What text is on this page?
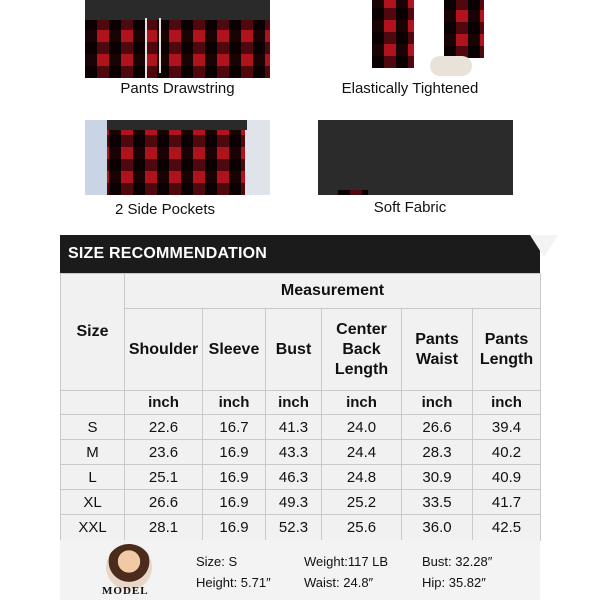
Pants Drawstring	Elastically Tightened
2 Side Pockets	Soft Fabric
SIZE RECOMMENDATION
Size	Measurement					
	Shoulder	Sleeve	Bust	Center Back Length	Pants Waist	Pants Length
	inch	inch	inch	inch	inch	inch
S	22.6	16.7	41.3	24.0	26.6	39.4
M	23.6	16.9	43.3	24.4	28.3	40.2
L	25.1	16.9	46.3	24.8	30.9	40.9
XL	26.6	16.9	49.3	25.2	33.5	41.7
XXL	28.1	16.9	52.3	25.6	36.0	42.5
MODEL
Size: S	Weight:117 LB	Bust: 32.28″
Height: 5.71″	Waist: 24.8″	Hip: 35.82″
